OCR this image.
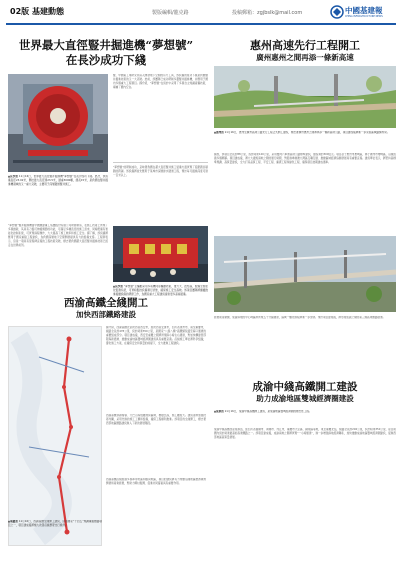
02版 基建動態	製版編輯/龍克路	投稿郵箱：zgjbslk@mail.com	中國基建報
CHINA INFRASTRUCTURE NEWS
世界最大直徑豎井掘進機“夢想號”
在長沙成功下綫
▲長沙訊 11月16日，世界最大直徑豎井掘進機“夢想號”在長沙成功下綫。此次，該設備直徑23.02米，開挖最大直徑達23.5米，總重3000噸，總長15米，是我國在豎井掘進機領域的又一重大突破，主要用于深層隧道豎井施工。
“夢想號”豎井掘進機由中國鐵建重工集團股份有限公司研發制造，在施工技術上實現了多項創新，其具有刀盤可伸縮調節的功能，可滿足多種直徑的施工需求，同時配備有智能化控制系統，可實現遠程操作，大大提高了施工效率和施工安全。據了解，該設備將應用于國家重點工程建設，為我國深層地下空間開發提供有力的裝備支撐。工程師表示，這是一項具有里程碑意義的工程技術突破，標志著我國超大直徑豎井掘進技術已經走在世界前列。
豎，中國第工業研究并深入開發地下空間的有力工具，該設備的成功下綫是我國豎井掘進技術的又一大突破。此前，該團隊已成功研制多臺豎井掘進機，并應用于國內多個重大工程項目。據介紹，“夢想號”在設計中采用了多項自主知識產權技術，填補了國内空白。
“夢想號”的研制成功，意味著我國在超大直徑豎井施工裝備方面實現了從跟跑到領跑的跨越。該設備將首先應用于某城市深層排水隧道工程，預計每月掘進深度可達一百米以上。
▲長沙訊 “夢想號”主驅動采用多電機同步驅動技術，推力大、扭矩高，配備全智能化監測系統，可實時監控設備運行狀態，確保施工安全高效。該項目團隊將繼續推進後續設備的研發工作，為國家重大工程建設提供更多高端裝備。
惠州高速先行工程開工
廣州惠州之間再添一條新高速
▲惠州訊 11月16日，惠州至廣州高速公路先行工程正式開工建設，標志著廣州惠州之間將再添一條新高速公路，項目建成後將進一步完善區域路網布局。
據悉，該項目全長約88公里，設計時速120公里，采用雙向六車道高速公路標準建設，總投資約300億元。項目起于惠州市惠城區，終于廣州市增城區，沿綫經過多個鄉鎮。項目建成後，將大大縮短兩地之間的通行時間，對促進粵港澳大灣區互聯互通、推動區域經濟協調發展具有重要意義。建設單位表示，將堅持高標準規劃、高質量建設，全力打造品質工程、平安工程、廉潔工程和綠色工程，確保項目按期建成通車。
西渝高鐵全綫開工
加快西部鐵路建設
據介紹，西渝高鐵北起陝西省西安市，經陝西省安康市，四川省達州市，南至重慶市，綫路全長約478公里，設計時速350公里，是國家“八縱八橫”高鐵網包頭至海口通道的重要組成部分。項目建成後，西安至重慶之間將實現兩小時左右通達，對加快構建西部陸海新通道、推動成渝地區雙城經濟圈建設具有重要意義。沿綫施工單位將科學組織，優化施工方案，在確保安全和質量的前提下，全力推進工程建設。
西渝高鐵穿越秦嶺、大巴山等復雜地質區域，橋隧比高，施工難度大。建設者將加強技術攻關，采用先進的施工工藝和裝備，確保工程順利推進。該項目的全綫開工，標志著西部地區鐵路建設進入了新的發展階段。
▲重慶訊 11月16日，西渝高鐵全綫開工建設，這是國家“十四五”規劃重點鐵路項目之一，項目建成後將極大改善沿綫群眾出行條件。
西渝高鐵沿綫經過多個革命老區和脫貧地區，項目的建設將有力帶動沿綫地區旅游資源開發和產業發展，對助力鄉村振興、促進共同富裕具有重要作用。
發展前景廣闊，成渝兩地的中心城區將實現五十分鐘通達，區域一體化進程將進一步加快。預計項目建成後，將形成成渝之間的第三條高速鐵路通道。
成渝中綫高鐵開工建設
助力成渝地區雙城經濟圈建設
▲成都訊 11月16日，成渝中綫高鐵開工建設，是成渝地區雙城經濟圈的標志性工程。
成渝中綫高鐵西起成都站，經四川省簡陽市、資陽市、內江市，重慶市大足區、銅梁區等地，東至重慶北站，綫路全長約292公里，設計時速350公里，是目前國內設計時速最高的高速鐵路之一。該項目建成後，成渝兩地之間將實現“一小時通達”，進一步增強兩地經濟聯系，加快推動成渝地區雙城經濟圈建設，促進西部地區高質量發展。
